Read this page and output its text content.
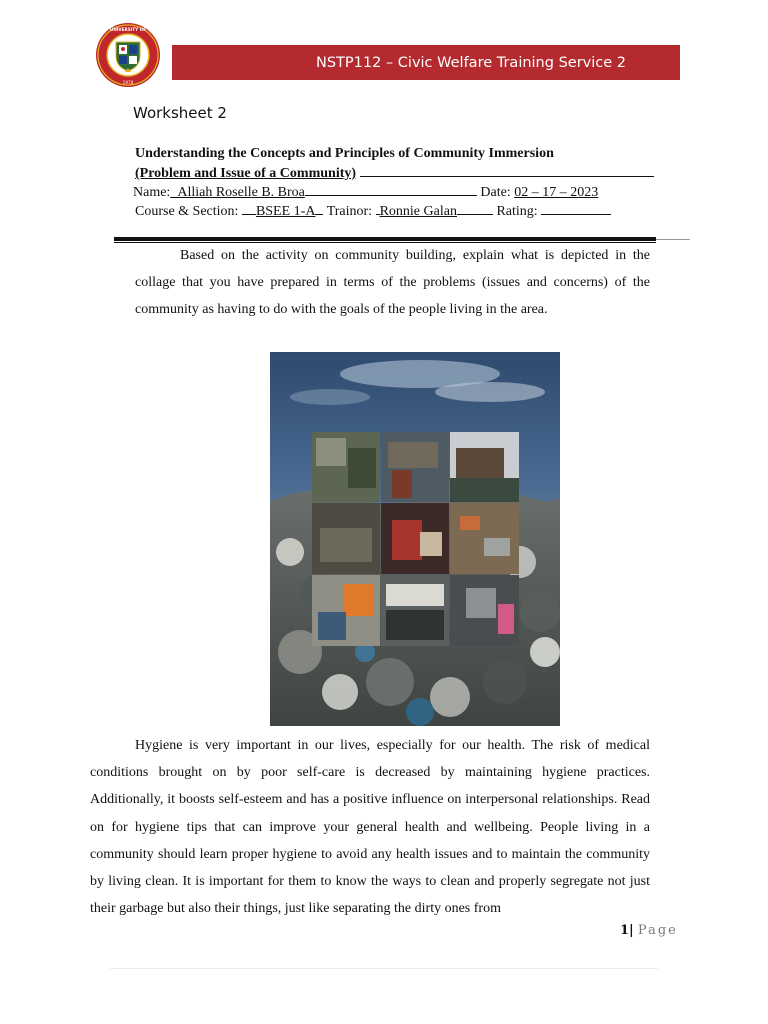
UNIVERSITY OF
1978
NSTP112 – Civic Welfare Training Service 2
Worksheet 2
Understanding the Concepts and Principles of Community Immersion
(Problem and Issue of a Community)
Name:_Alliah Roselle B. Broa	Date: 02 – 17 – 2023
Course & Section: BSEE 1-A Trainor: Ronnie Galan	Rating:

Based on the activity on community building, explain what is depicted in the collage that you have prepared in terms of the problems (issues and concerns) of the community as having to do with the goals of the people living in the area.

Hygiene is very important in our lives, especially for our health. The risk of medical conditions brought on by poor self-care is decreased by maintaining hygiene practices. Additionally, it boosts self-esteem and has a positive influence on interpersonal relationships. Read on for hygiene tips that can improve your general health and wellbeing. People living in a community should learn proper hygiene to avoid any health issues and to maintain the community by living clean. It is important for them to know the ways to clean and properly segregate not just their garbage but also their things, just like separating the dirty ones from

1| Page
